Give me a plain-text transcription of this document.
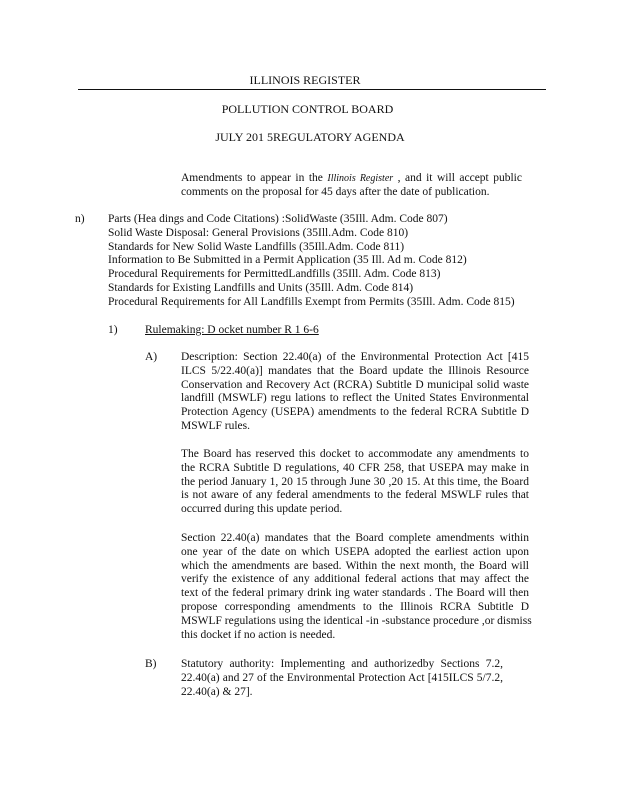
ILLINOIS REGISTER
POLLUTION CONTROL BOARD
JULY 201 5REGULATORY AGENDA
Amendments to appear in the Illinois Register , and it will accept public
comments on the proposal for 45 days after the date of publication.
n) Parts (Hea dings and Code Citations) :SolidWaste (35Ill. Adm. Code 807)
Solid Waste Disposal: General Provisions (35Ill.Adm. Code 810)
Standards for New Solid Waste Landfills (35Ill.Adm. Code 811)
Information to Be Submitted in a Permit Application (35 Ill. Ad m. Code 812)
Procedural Requirements for PermittedLandfills (35Ill. Adm. Code 813)
Standards for Existing Landfills and Units (35Ill. Adm. Code 814)
Procedural Requirements for All Landfills Exempt from Permits (35Ill. Adm. Code 815)
1) Rulemaking: D ocket number R 1 6-6
A) Description: Section 22.40(a) of the Environmental Protection Act [415
ILCS 5/22.40(a)] mandates that the Board update the Illinois Resource
Conservation and Recovery Act (RCRA) Subtitle D municipal solid waste
landfill (MSWLF) regu lations to reflect the United States Environmental
Protection Agency (USEPA) amendments to the federal RCRA Subtitle D
MSWLF rules.
The Board has reserved this docket to accommodate any amendments to
the RCRA Subtitle D regulations, 40 CFR 258, that USEPA may make in
the period January 1, 20 15 through June 30 ,20 15. At this time, the Board
is not aware of any federal amendments to the federal MSWLF rules that
occurred during this update period.
Section 22.40(a) mandates that the Board complete amendments within
one year of the date on which USEPA adopted the earliest action upon
which the amendments are based. Within the next month, the Board will
verify the existence of any additional federal actions that may affect the
text of the federal primary drink ing water standards . The Board will then
propose corresponding amendments to the Illinois RCRA Subtitle D
MSWLF regulations using the identical -in -substance procedure ,or dismiss
this docket if no action is needed.
B) Statutory authority: Implementing and authorizedby Sections 7.2,
22.40(a) and 27 of the Environmental Protection Act [415ILCS 5/7.2,
22.40(a) & 27].
